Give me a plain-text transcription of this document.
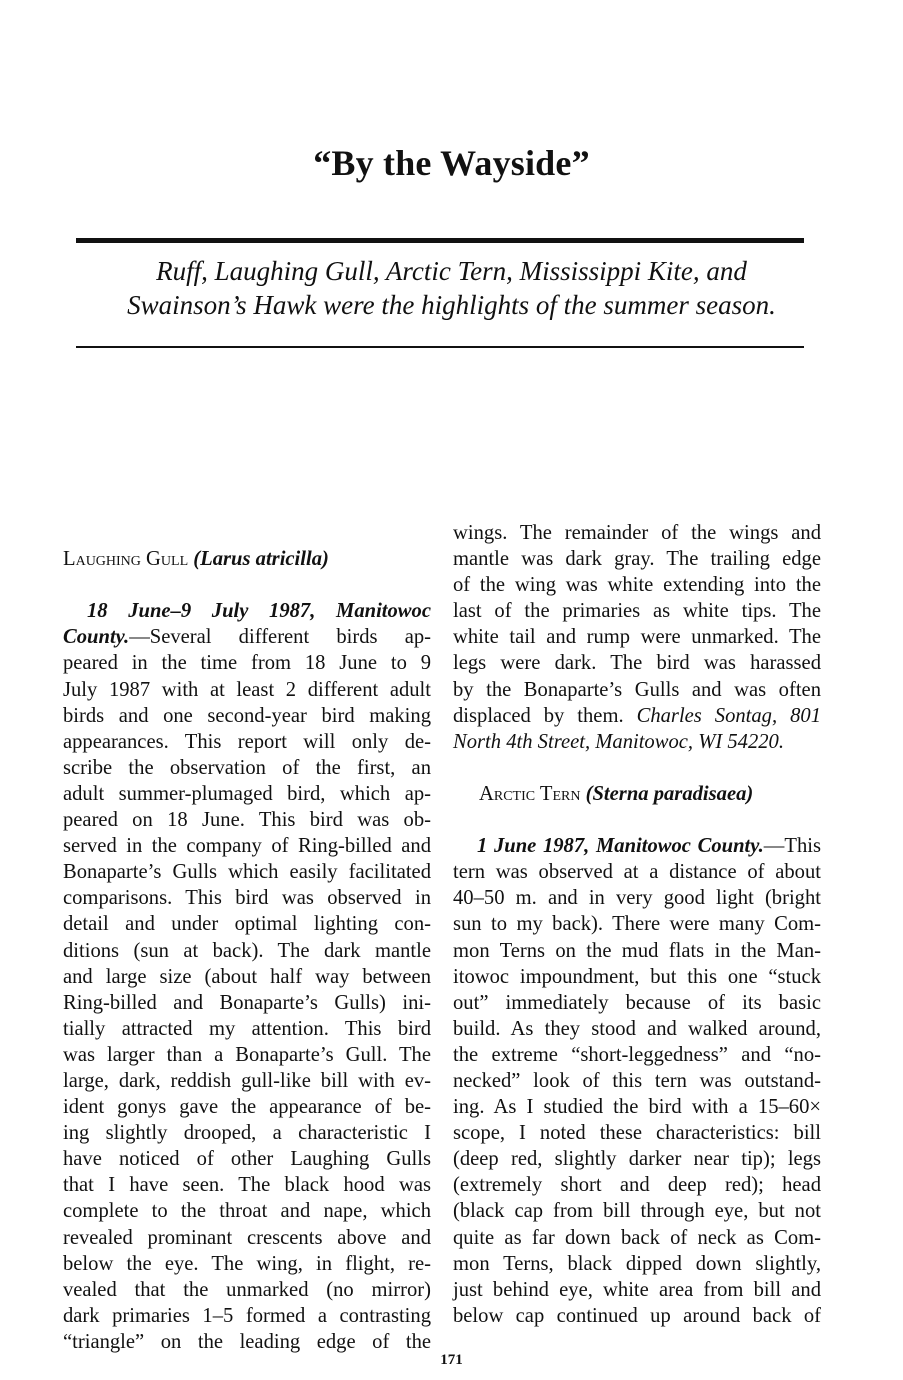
“By the Wayside”
Ruff, Laughing Gull, Arctic Tern, Mississippi Kite, and
Swainson’s Hawk were the highlights of the summer season.
Laughing Gull (Larus atricilla)
18 June–9 July 1987, Manitowoc
County.—Several different birds ap-
peared in the time from 18 June to 9
July 1987 with at least 2 different adult
birds and one second-year bird making
appearances. This report will only de-
scribe the observation of the first, an
adult summer-plumaged bird, which ap-
peared on 18 June. This bird was ob-
served in the company of Ring-billed and
Bonaparte’s Gulls which easily facilitated
comparisons. This bird was observed in
detail and under optimal lighting con-
ditions (sun at back). The dark mantle
and large size (about half way between
Ring-billed and Bonaparte’s Gulls) ini-
tially attracted my attention. This bird
was larger than a Bonaparte’s Gull. The
large, dark, reddish gull-like bill with ev-
ident gonys gave the appearance of be-
ing slightly drooped, a characteristic I
have noticed of other Laughing Gulls
that I have seen. The black hood was
complete to the throat and nape, which
revealed prominant crescents above and
below the eye. The wing, in flight, re-
vealed that the unmarked (no mirror)
dark primaries 1–5 formed a contrasting
“triangle” on the leading edge of the
wings. The remainder of the wings and
mantle was dark gray. The trailing edge
of the wing was white extending into the
last of the primaries as white tips. The
white tail and rump were unmarked. The
legs were dark. The bird was harassed
by the Bonaparte’s Gulls and was often
displaced by them. Charles Sontag, 801
North 4th Street, Manitowoc, WI 54220.
Arctic Tern (Sterna paradisaea)
1 June 1987, Manitowoc County.—This
tern was observed at a distance of about
40–50 m. and in very good light (bright
sun to my back). There were many Com-
mon Terns on the mud flats in the Man-
itowoc impoundment, but this one “stuck
out” immediately because of its basic
build. As they stood and walked around,
the extreme “short-leggedness” and “no-
necked” look of this tern was outstand-
ing. As I studied the bird with a 15–60×
scope, I noted these characteristics: bill
(deep red, slightly darker near tip); legs
(extremely short and deep red); head
(black cap from bill through eye, but not
quite as far down back of neck as Com-
mon Terns, black dipped down slightly,
just behind eye, white area from bill and
below cap continued up around back of
171
